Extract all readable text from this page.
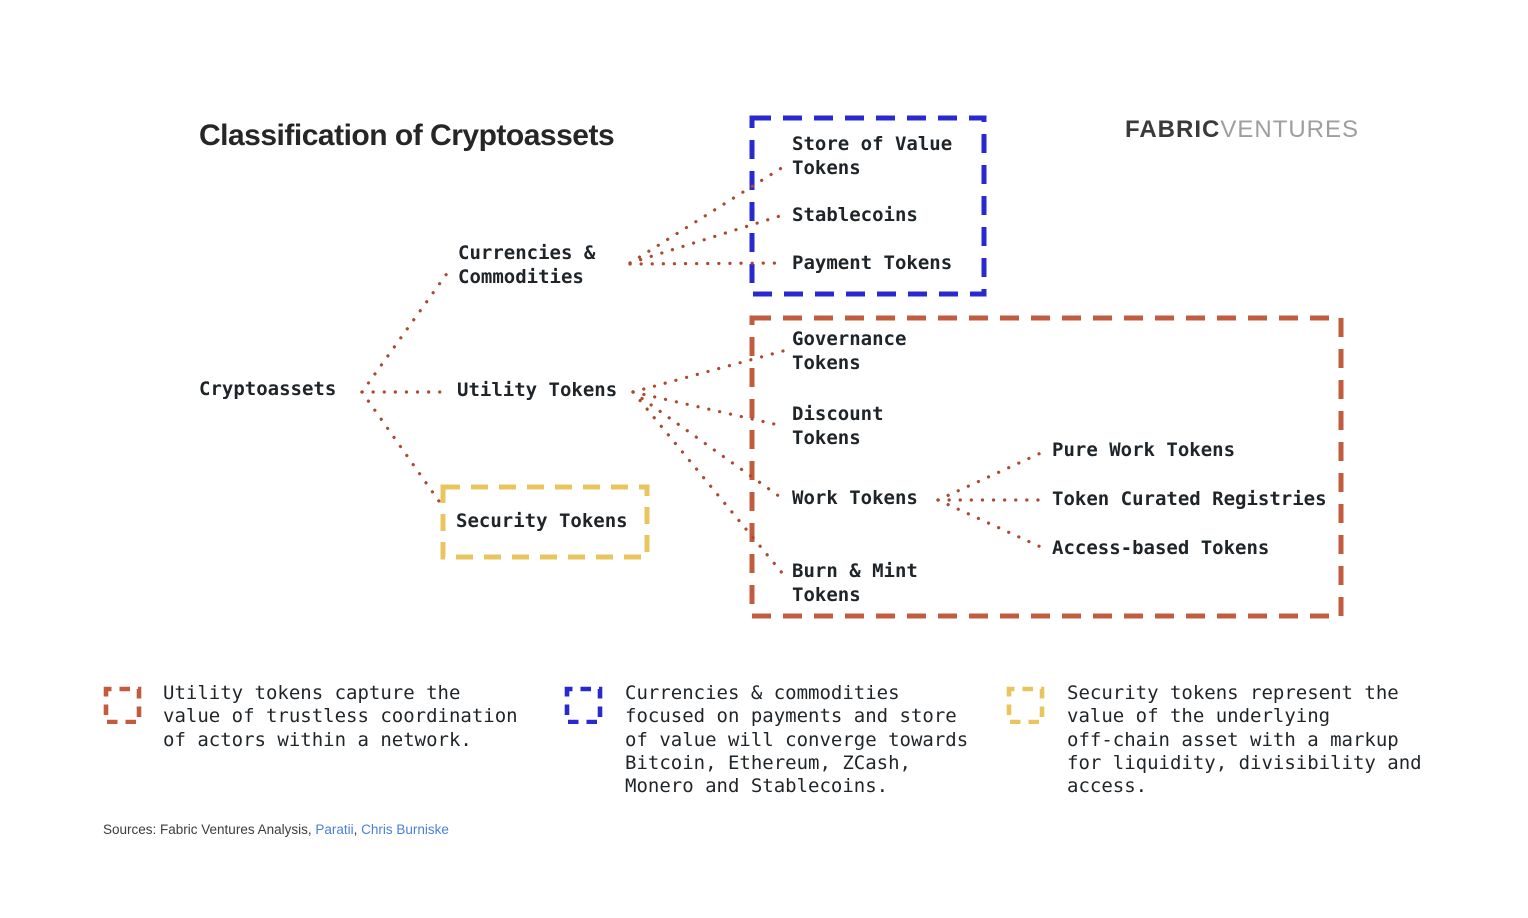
Classification of Cryptoassets	FABRICVENTURES
Cryptoassets
Currencies &
Commodities
Utility Tokens
Security Tokens
Store of Value
Tokens
Stablecoins
Payment Tokens
Governance
Tokens
Discount
Tokens
Work Tokens
Burn & Mint
Tokens
Pure Work Tokens
Token Curated Registries
Access-based Tokens
Utility tokens capture the
value of trustless coordination
of actors within a network.
Currencies & commodities
focused on payments and store
of value will converge towards
Bitcoin, Ethereum, ZCash,
Monero and Stablecoins.
Security tokens represent the
value of the underlying
off-chain asset with a markup
for liquidity, divisibility and
access.
Sources: Fabric Ventures Analysis, Paratii, Chris Burniske
